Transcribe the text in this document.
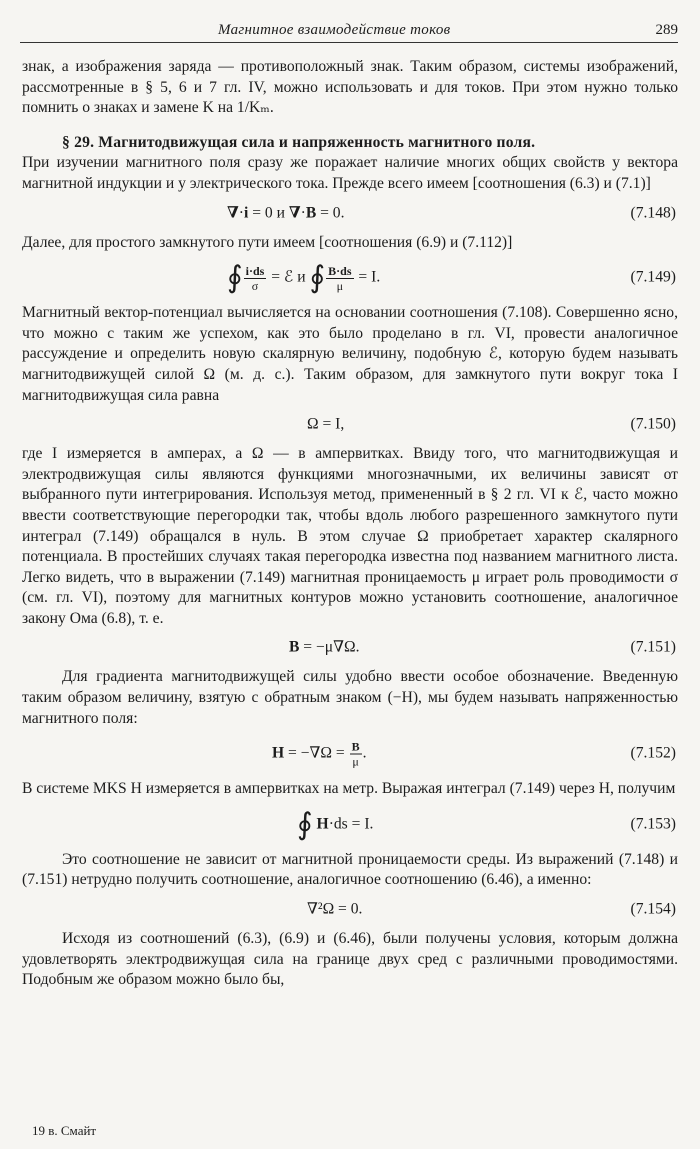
Магнитное взаимодействие токов	289

знак, а изображения заряда — противоположный знак. Таким образом, системы изображений, рассмотренные в § 5, 6 и 7 гл. IV, можно использовать и для токов. При этом нужно только помнить о знаках и замене K на 1/Kₘ.

§ 29. Магнитодвижущая сила и напряженность магнитного поля.

При изучении магнитного поля сразу же поражает наличие многих общих свойств у вектора магнитной индукции и у электрического тока. Прежде всего имеем [соотношения (6.3) и (7.1)]

∇·i = 0 и ∇·B = 0.	(7.148)

Далее, для простого замкнутого пути имеем [соотношения (6.9) и (7.112)]

∮ $\frac{i\cdot ds}{\sigma}$ = ℰ и ∮ $\frac{B\cdot ds}{\mu} = I$.	(7.149)

Магнитный вектор-потенциал вычисляется на основании соотношения (7.108). Совершенно ясно, что можно с таким же успехом, как это было проделано в гл. VI, провести аналогичное рассуждение и определить новую скалярную величину, подобную ℰ, которую будем называть магнитодвижущей силой Ω (м. д. с.). Таким образом, для замкнутого пути вокруг тока I магнитодвижущая сила равна

Ω = I,	(7.150)

где I измеряется в амперах, а Ω — в ампервитках. Ввиду того, что магнитодвижущая и электродвижущая силы являются функциями многозначными, их величины зависят от выбранного пути интегрирования. Используя метод, примененный в § 2 гл. VI к ℰ, часто можно ввести соответствующие перегородки так, чтобы вдоль любого разрешенного замкнутого пути интеграл (7.149) обращался в нуль. В этом случае Ω приобретает характер скалярного потенциала. В простейших случаях такая перегородка известна под названием магнитного листа. Легко видеть, что в выражении (7.149) магнитная проницаемость μ играет роль проводимости σ (см. гл. VI), поэтому для магнитных контуров можно установить соотношение, аналогичное закону Ома (6.8), т. е.

B = −μ∇Ω.	(7.151)

Для градиента магнитодвижущей силы удобно ввести особое обозначение. Введенную таким образом величину, взятую с обратным знаком (−H), мы будем называть напряженностью магнитного поля:

$H = -\nabla\Omega = \frac{B}{\mu}$ .	(7.152)

В системе MKS H измеряется в ампервитках на метр. Выражая интеграл (7.149) через H, получим

∮ H·ds = I.	(7.153)

Это соотношение не зависит от магнитной проницаемости среды. Из выражений (7.148) и (7.151) нетрудно получить соотношение, аналогичное соотношению (6.46), а именно:

∇²Ω = 0.	(7.154)

Исходя из соотношений (6.3), (6.9) и (6.46), были получены условия, которым должна удовлетворять электродвижущая сила на границе двух сред с различными проводимостями. Подобным же образом можно было бы,

19 в. Смайт
